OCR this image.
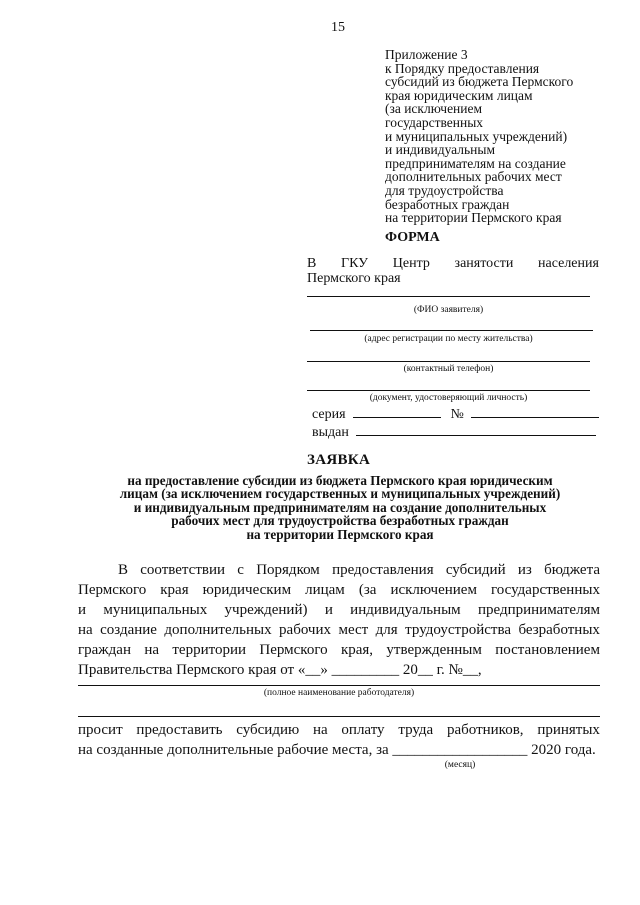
15
Приложение 3
к Порядку предоставления
субсидий из бюджета Пермского
края юридическим лицам
(за исключением
государственных
и муниципальных учреждений)
и индивидуальным
предпринимателям на создание
дополнительных рабочих мест
для трудоустройства
безработных граждан
на территории Пермского края
ФОРМА
В ГКУ Центр занятости населения
Пермского края
(ФИО заявителя)
(адрес регистрации по месту жительства)
(контактный телефон)
(документ, удостоверяющий личность)
серия	№
выдан
ЗАЯВКА
на предоставление субсидии из бюджета Пермского края юридическим
лицам (за исключением государственных и муниципальных учреждений)
и индивидуальным предпринимателям на создание дополнительных
рабочих мест для трудоустройства безработных граждан
на территории Пермского края
В соответствии с Порядком предоставления субсидий из бюджета
Пермского края юридическим лицам (за исключением государственных
и муниципальных учреждений) и индивидуальным предпринимателям
на создание дополнительных рабочих мест для трудоустройства безработных
граждан на территории Пермского края, утвержденным постановлением
Правительства Пермского края от «__» _________ 20__ г. №__,
(полное наименование работодателя)
просит предоставить субсидию на оплату труда работников, принятых
на созданные дополнительные рабочие места, за __________________ 2020 года.
(месяц)
